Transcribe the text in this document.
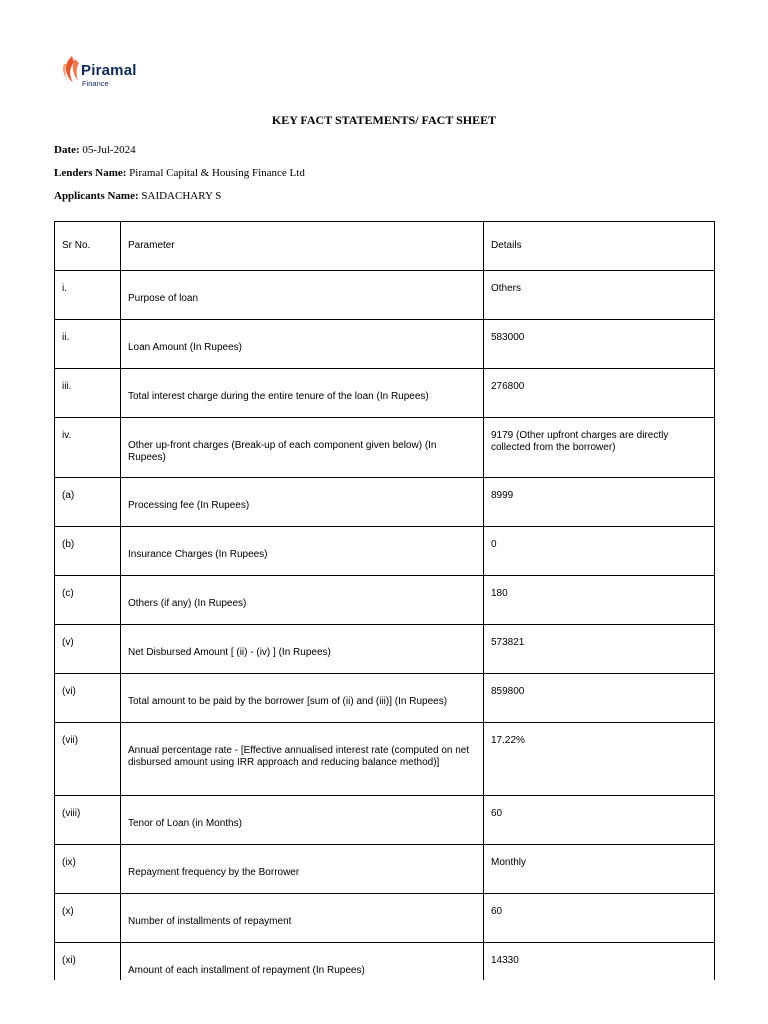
Piramal
Finance
KEY FACT STATEMENTS/ FACT SHEET
Date: 05-Jul-2024
Lenders Name: Piramal Capital & Housing Finance Ltd
Applicants Name: SAIDACHARY S
Sr No.	Parameter	Details
i.	Purpose of loan	Others
ii.	Loan Amount (In Rupees)	583000
iii.	Total interest charge during the entire tenure of the loan (In Rupees)	276800
iv.	Other up-front charges (Break-up of each component given below) (In Rupees)	9179 (Other upfront charges are directly collected from the borrower)
(a)	Processing fee (In Rupees)	8999
(b)	Insurance Charges (In Rupees)	0
(c)	Others (if any) (In Rupees)	180
(v)	Net Disbursed Amount [ (ii) - (iv) ] (In Rupees)	573821
(vi)	Total amount to be paid by the borrower [sum of (ii) and (iii)] (In Rupees)	859800
(vii)	Annual percentage rate - [Effective annualised interest rate (computed on net disbursed amount using IRR approach and reducing balance method)]	17.22%
(viii)	Tenor of Loan (in Months)	60
(ix)	Repayment frequency by the Borrower	Monthly
(x)	Number of installments of repayment	60
(xi)	Amount of each installment of repayment (In Rupees)	14330
